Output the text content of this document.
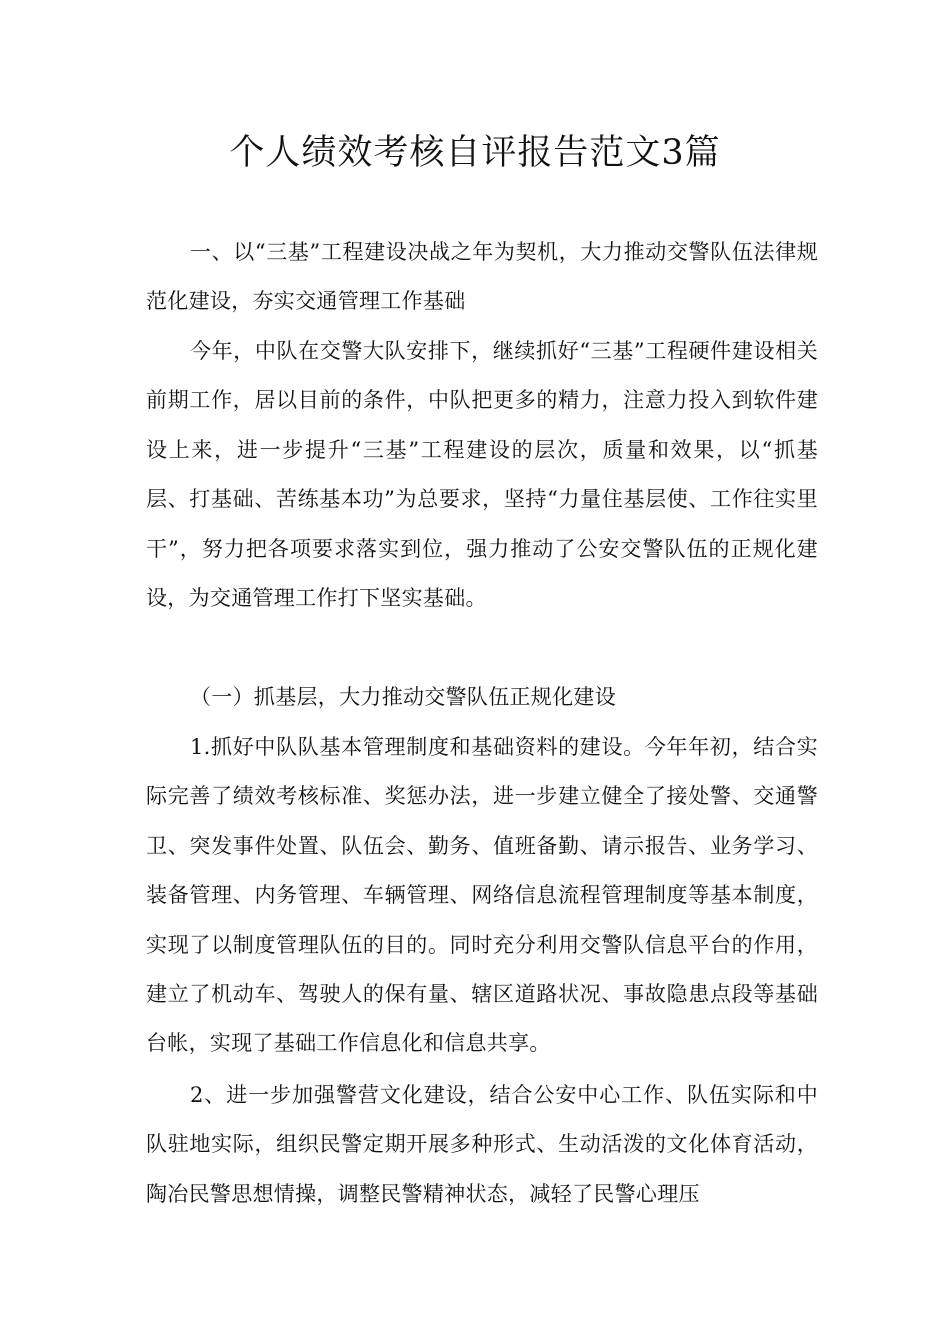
个人绩效考核自评报告范文3篇

一、以“三基”工程建设决战之年为契机，大力推动交警队伍法律规范化建设，夯实交通管理工作基础

今年，中队在交警大队安排下，继续抓好“三基”工程硬件建设相关前期工作，居以目前的条件，中队把更多的精力，注意力投入到软件建设上来，进一步提升“三基”工程建设的层次，质量和效果，以“抓基层、打基础、苦练基本功”为总要求，坚持“力量住基层使、工作往实里干”，努力把各项要求落实到位，强力推动了公安交警队伍的正规化建设，为交通管理工作打下坚实基础。

（一）抓基层，大力推动交警队伍正规化建设

1.抓好中队队基本管理制度和基础资料的建设。今年年初，结合实际完善了绩效考核标准、奖惩办法，进一步建立健全了接处警、交通警卫、突发事件处置、队伍会、勤务、值班备勤、请示报告、业务学习、装备管理、内务管理、车辆管理、网络信息流程管理制度等基本制度，实现了以制度管理队伍的目的。同时充分利用交警队信息平台的作用，建立了机动车、驾驶人的保有量、辖区道路状况、事故隐患点段等基础台帐，实现了基础工作信息化和信息共享。

2、进一步加强警营文化建设，结合公安中心工作、队伍实际和中队驻地实际，组织民警定期开展多种形式、生动活泼的文化体育活动，陶冶民警思想情操，调整民警精神状态，减轻了民警心理压
